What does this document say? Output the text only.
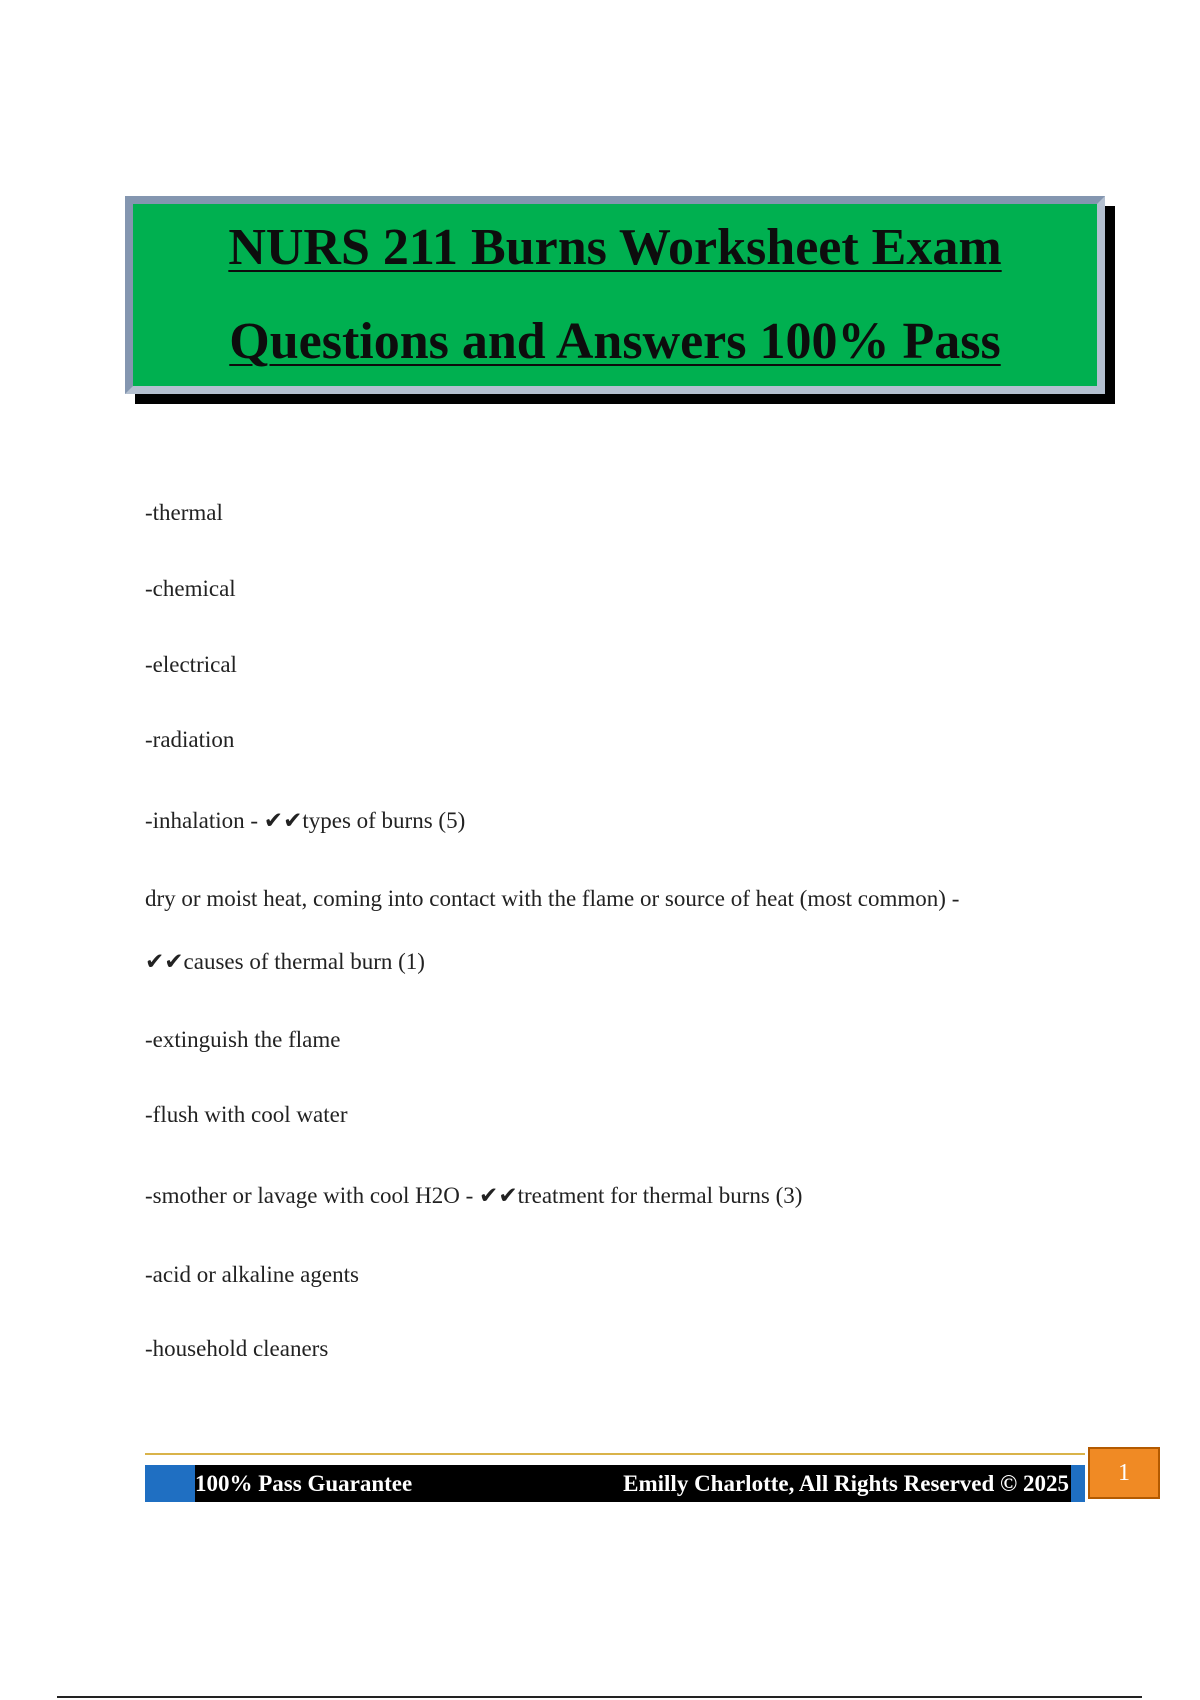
NURS 211 Burns Worksheet Exam
Questions and Answers 100% Pass
-thermal
-chemical
-electrical
-radiation
-inhalation - ✔✔types of burns (5)
dry or moist heat, coming into contact with the flame or source of heat (most common) -
✔✔causes of thermal burn (1)
-extinguish the flame
-flush with cool water
-smother or lavage with cool H2O - ✔✔treatment for thermal burns (3)
-acid or alkaline agents
-household cleaners
100% Pass Guarantee	Emilly Charlotte, All Rights Reserved © 2025	1
